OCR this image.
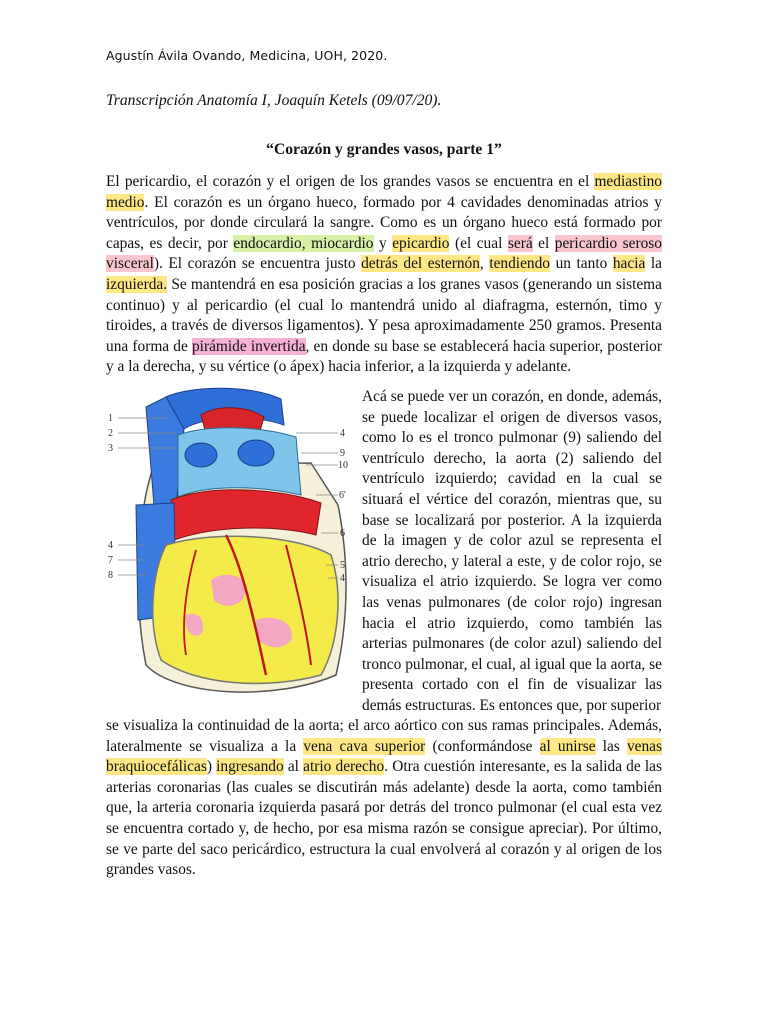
Agustín Ávila Ovando, Medicina, UOH, 2020.
Transcripción Anatomía I, Joaquín Ketels (09/07/20).
“Corazón y grandes vasos, parte 1”
El pericardio, el corazón y el origen de los grandes vasos se encuentra en el mediastino medio. El corazón es un órgano hueco, formado por 4 cavidades denominadas atrios y ventrículos, por donde circulará la sangre. Como es un órgano hueco está formado por capas, es decir, por endocardio, miocardio y epicardio (el cual será el pericardio seroso visceral). El corazón se encuentra justo detrás del esternón, tendiendo un tanto hacia la izquierda. Se mantendrá en esa posición gracias a los granes vasos (generando un sistema continuo) y al pericardio (el cual lo mantendrá unido al diafragma, esternón, timo y tiroides, a través de diversos ligamentos). Y pesa aproximadamente 250 gramos. Presenta una forma de pirámide invertida, en donde su base se establecerá hacia superior, posterior y a la derecha, y su vértice (o ápex) hacia inferior, a la izquierda y adelante.
1
2
3
4
7
8
4
9
10
6'
6
5
4
Acá se puede ver un corazón, en donde, además, se puede localizar el origen de diversos vasos, como lo es el tronco pulmonar (9) saliendo del ventrículo derecho, la aorta (2) saliendo del ventrículo izquierdo; cavidad en la cual se situará el vértice del corazón, mientras que, su base se localizará por posterior. A la izquierda de la imagen y de color azul se representa el atrio derecho, y lateral a este, y de color rojo, se visualiza el atrio izquierdo. Se logra ver como las venas pulmonares (de color rojo) ingresan hacia el atrio izquierdo, como también las arterias pulmonares (de color azul) saliendo del tronco pulmonar, el cual, al igual que la aorta, se presenta cortado con el fin de visualizar las demás estructuras. Es entonces que, por superior
se visualiza la continuidad de la aorta; el arco aórtico con sus ramas principales. Además, lateralmente se visualiza a la vena cava superior (conformándose al unirse las venas braquiocefálicas) ingresando al atrio derecho. Otra cuestión interesante, es la salida de las arterias coronarias (las cuales se discutirán más adelante) desde la aorta, como también que, la arteria coronaria izquierda pasará por detrás del tronco pulmonar (el cual esta vez se encuentra cortado y, de hecho, por esa misma razón se consigue apreciar). Por último, se ve parte del saco pericárdico, estructura la cual envolverá al corazón y al origen de los grandes vasos.
